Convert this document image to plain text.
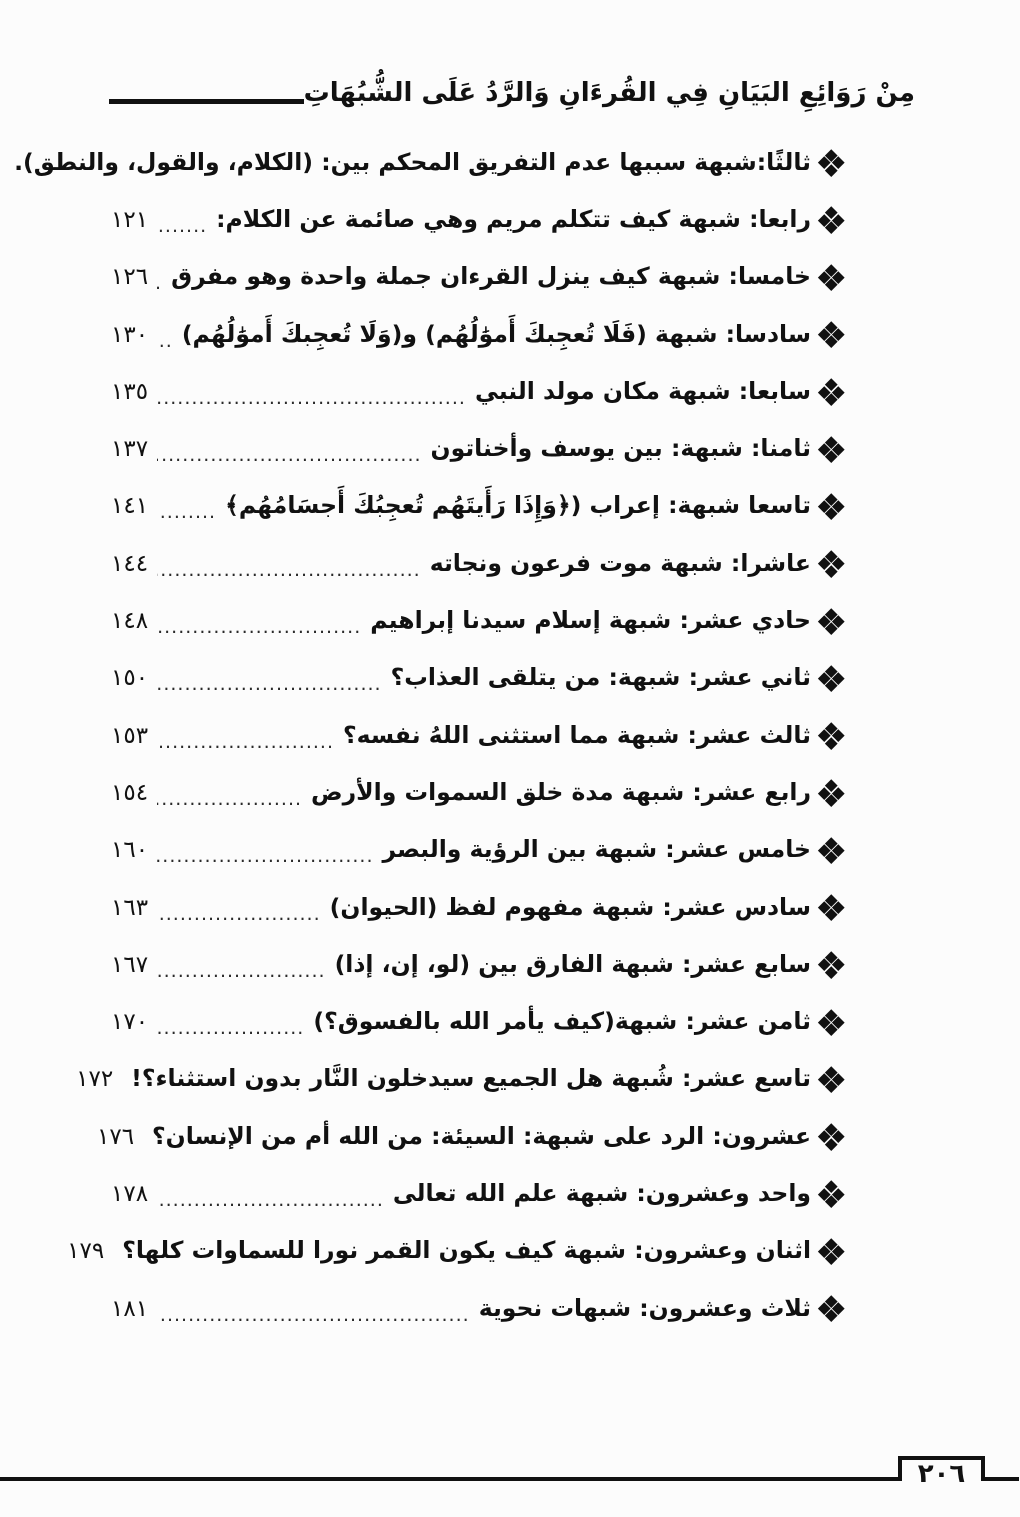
مِنْ رَوَائِعِ البَيَانِ فِي القُرءَانِ وَالرَّدُ عَلَى الشُّبُهَاتِ
ثالثًا:شبهة سببها عدم التفريق المحكم بين: (الكلام، والقول، والنطق).
رابعا: شبهة كيف تتكلم مريم وهي صائمة عن الكلام:
.....
١٢١
خامسا: شبهة كيف ينزل القرءان جملة واحدة وهو مفرق
.....
١٢٦
سادسا: شبهة (فَلَا تُعجِبكَ أَموَٰلُهُم) و(وَلَا تُعجِبكَ أَموَٰلُهُم)
.....
١٣٠
سابعا: شبهة مكان مولد النبي
.....
١٣٥
ثامنا: شبهة: بين يوسف وأخناتون
.....
١٣٧
تاسعا شبهة: إعراب (﴿وَإِذَا رَأَيتَهُم تُعجِبُكَ أَجسَامُهُم﴾
.....
١٤١
عاشرا: شبهة موت فرعون ونجاته
.....
١٤٤
حادي عشر: شبهة إسلام سيدنا إبراهيم
.....
١٤٨
ثاني عشر: شبهة: من يتلقى العذاب؟
.....
١٥٠
ثالث عشر: شبهة مما استثنى اللهُ نفسه؟
.....
١٥٣
رابع عشر: شبهة مدة خلق السموات والأرض
.....
١٥٤
خامس عشر: شبهة بين الرؤية والبصر
.....
١٦٠
سادس عشر: شبهة مفهوم لفظ (الحيوان)
.....
١٦٣
سابع عشر: شبهة الفارق بين (لو، إن، إذا)
.....
١٦٧
ثامن عشر: شبهة(كيف يأمر الله بالفسوق؟)
.....
١٧٠
تاسع عشر: شُبهة هل الجميع سيدخلون النَّار بدون استثناء؟!
١٧٢
عشرون: الرد على شبهة: السيئة: من الله أم من الإنسان؟
١٧٦
واحد وعشرون: شبهة علم الله تعالى
.....
١٧٨
اثنان وعشرون: شبهة كيف يكون القمر نورا للسماوات كلها؟
١٧٩
ثلاث وعشرون: شبهات نحوية
.....
١٨١
٢٠٦
